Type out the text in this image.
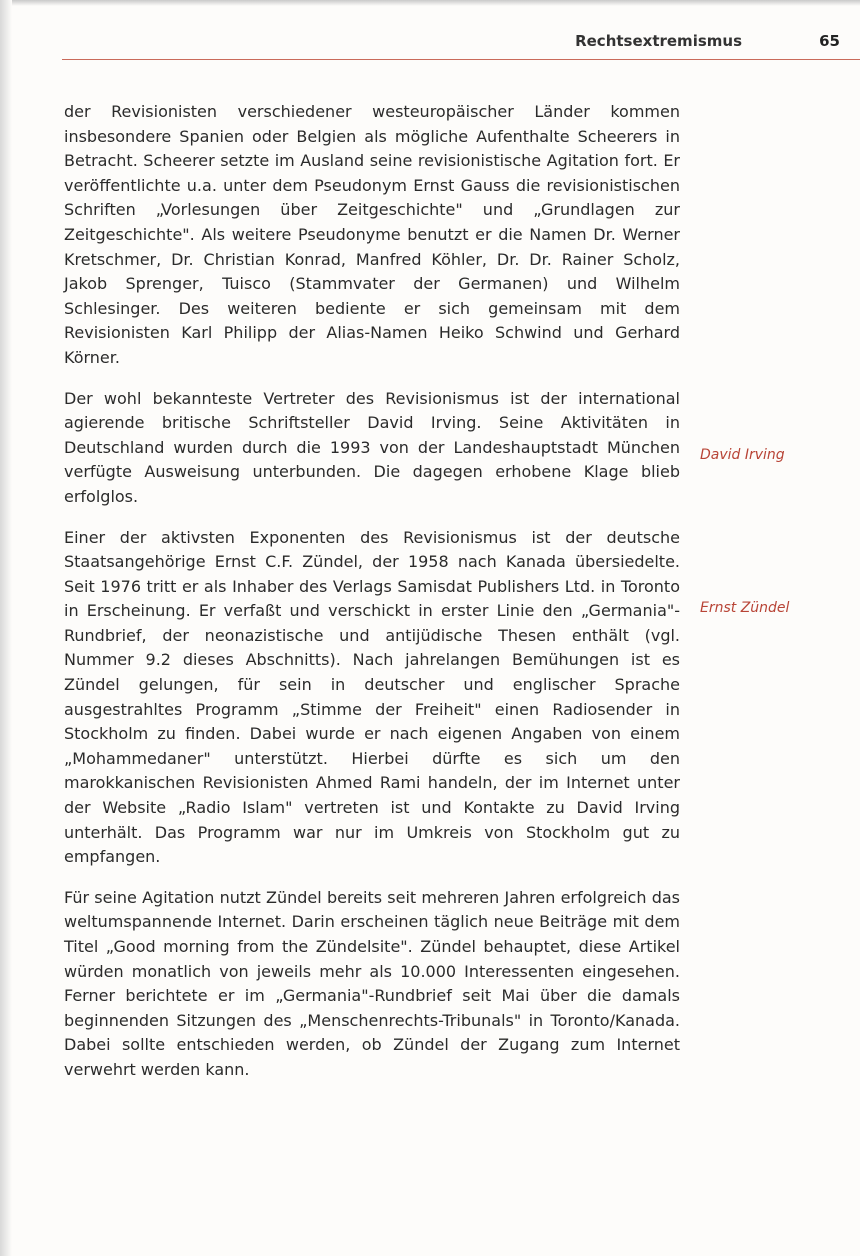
Rechtsextremismus	65

der Revisionisten verschiedener westeuropäischer Länder kommen insbesondere Spanien oder Belgien als mögliche Aufenthalte Scheerers in Betracht. Scheerer setzte im Ausland seine revisionistische Agitation fort. Er veröffentlichte u.a. unter dem Pseudonym Ernst Gauss die revisionistischen Schriften „Vorlesungen über Zeitgeschichte" und „Grundlagen zur Zeitgeschichte". Als weitere Pseudonyme benutzt er die Namen Dr. Werner Kretschmer, Dr. Christian Konrad, Manfred Köhler, Dr. Dr. Rainer Scholz, Jakob Sprenger, Tuisco (Stammvater der Germanen) und Wilhelm Schlesinger. Des weiteren bediente er sich gemeinsam mit dem Revisionisten Karl Philipp der Alias-Namen Heiko Schwind und Gerhard Körner.

Der wohl bekannteste Vertreter des Revisionismus ist der international agierende britische Schriftsteller David Irving. Seine Aktivitäten in Deutschland wurden durch die 1993 von der Landeshauptstadt München verfügte Ausweisung unterbunden. Die dagegen erhobene Klage blieb erfolglos.

Einer der aktivsten Exponenten des Revisionismus ist der deutsche Staatsangehörige Ernst C.F. Zündel, der 1958 nach Kanada übersiedelte. Seit 1976 tritt er als Inhaber des Verlags Samisdat Publishers Ltd. in Toronto in Erscheinung. Er verfaßt und verschickt in erster Linie den „Germania"-Rundbrief, der neonazistische und antijüdische Thesen enthält (vgl. Nummer 9.2 dieses Abschnitts). Nach jahrelangen Bemühungen ist es Zündel gelungen, für sein in deutscher und englischer Sprache ausgestrahltes Programm „Stimme der Freiheit" einen Radiosender in Stockholm zu finden. Dabei wurde er nach eigenen Angaben von einem „Mohammedaner" unterstützt. Hierbei dürfte es sich um den marokkanischen Revisionisten Ahmed Rami handeln, der im Internet unter der Website „Radio Islam" vertreten ist und Kontakte zu David Irving unterhält. Das Programm war nur im Umkreis von Stockholm gut zu empfangen.

Für seine Agitation nutzt Zündel bereits seit mehreren Jahren erfolgreich das weltumspannende Internet. Darin erscheinen täglich neue Beiträge mit dem Titel „Good morning from the Zündelsite". Zündel behauptet, diese Artikel würden monatlich von jeweils mehr als 10.000 Interessenten eingesehen. Ferner berichtete er im „Germania"-Rundbrief seit Mai über die damals beginnenden Sitzungen des „Menschenrechts-Tribunals" in Toronto/Kanada. Dabei sollte entschieden werden, ob Zündel der Zugang zum Internet verwehrt werden kann.

David Irving
Ernst Zündel
